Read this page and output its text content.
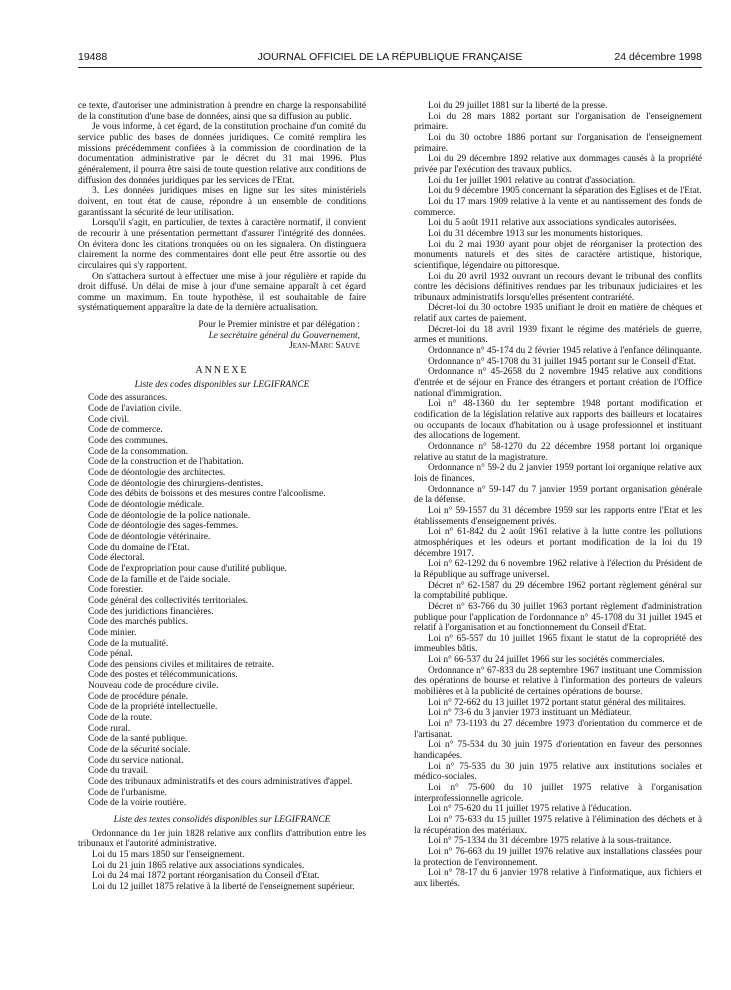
19488	JOURNAL OFFICIEL DE LA RÉPUBLIQUE FRANÇAISE	24 décembre 1998

ce texte, d'autoriser une administration à prendre en charge la responsabilité de la constitution d'une base de données, ainsi que sa diffusion au public.

Je vous informe, à cet égard, de la constitution prochaine d'un comité du service public des bases de données juridiques. Ce comité remplira les missions précédemment confiées à la commission de coordination de la documentation administrative par le décret du 31 mai 1996. Plus généralement, il pourra être saisi de toute question relative aux conditions de diffusion des données juridiques par les services de l'Etat.

3. Les données juridiques mises en ligne sur les sites ministériels doivent, en tout état de cause, répondre à un ensemble de conditions garantissant la sécurité de leur utilisation.

Lorsqu'il s'agit, en particulier, de textes à caractère normatif, il convient de recourir à une présentation permettant d'assurer l'intégrité des données. On évitera donc les citations tronquées ou on les signalera. On distinguera clairement la norme des commentaires dont elle peut être assortie ou des circulaires qui s'y rapportent.

On s'attachera surtout à effectuer une mise à jour régulière et rapide du droit diffusé. Un délai de mise à jour d'une semaine apparaît à cet égard comme un maximum. En toute hypothèse, il est souhaitable de faire systématiquement apparaître la date de la dernière actualisation.

Pour le Premier ministre et par délégation :

Le secrétaire général du Gouvernement,

Jean-Marc Sauvé

ANNEXE

Liste des codes disponibles sur LEGIFRANCE

Code des assurances.

Code de l'aviation civile.

Code civil.

Code de commerce.

Code des communes.

Code de la consommation.

Code de la construction et de l'habitation.

Code de déontologie des architectes.

Code de déontologie des chirurgiens-dentistes.

Code des débits de boissons et des mesures contre l'alcoolisme.

Code de déontologie médicale.

Code de déontologie de la police nationale.

Code de déontologie des sages-femmes.

Code de déontologie vétérinaire.

Code du domaine de l'Etat.

Code électoral.

Code de l'expropriation pour cause d'utilité publique.

Code de la famille et de l'aide sociale.

Code forestier.

Code général des collectivités territoriales.

Code des juridictions financières.

Code des marchés publics.

Code minier.

Code de la mutualité.

Code pénal.

Code des pensions civiles et militaires de retraite.

Code des postes et télécommunications.

Nouveau code de procédure civile.

Code de procédure pénale.

Code de la propriété intellectuelle.

Code de la route.

Code rural.

Code de la santé publique.

Code de la sécurité sociale.

Code du service national.

Code du travail.

Code des tribunaux administratifs et des cours administratives d'appel.

Code de l'urbanisme.

Code de la voirie routière.

Liste des textes consolidés disponibles sur LEGIFRANCE

Ordonnance du 1er juin 1828 relative aux conflits d'attribution entre les tribunaux et l'autorité administrative.

Loi du 15 mars 1850 sur l'enseignement.

Loi du 21 juin 1865 relative aux associations syndicales.

Loi du 24 mai 1872 portant réorganisation du Conseil d'Etat.

Loi du 12 juillet 1875 relative à la liberté de l'enseignement supérieur.

Loi du 29 juillet 1881 sur la liberté de la presse.

Loi du 28 mars 1882 portant sur l'organisation de l'enseignement primaire.

Loi du 30 octobre 1886 portant sur l'organisation de l'enseignement primaire.

Loi du 29 décembre 1892 relative aux dommages causés à la propriété privée par l'exécution des travaux publics.

Loi du 1er juillet 1901 relative au contrat d'association.

Loi du 9 décembre 1905 concernant la séparation des Eglises et de l'Etat.

Loi du 17 mars 1909 relative à la vente et au nantissement des fonds de commerce.

Loi du 5 août 1911 relative aux associations syndicales autorisées.

Loi du 31 décembre 1913 sur les monuments historiques.

Loi du 2 mai 1930 ayant pour objet de réorganiser la protection des monuments naturels et des sites de caractère artistique, historique, scientifique, légendaire ou pittoresque.

Loi du 20 avril 1932 ouvrant un recours devant le tribunal des conflits contre les décisions définitives rendues par les tribunaux judiciaires et les tribunaux administratifs lorsqu'elles présentent contrariété.

Décret-loi du 30 octobre 1935 unifiant le droit en matière de chèques et relatif aux cartes de paiement.

Décret-loi du 18 avril 1939 fixant le régime des matériels de guerre, armes et munitions.

Ordonnance n° 45-174 du 2 février 1945 relative à l'enfance délinquante.

Ordonnance n° 45-1708 du 31 juillet 1945 portant sur le Conseil d'Etat.

Ordonnance n° 45-2658 du 2 novembre 1945 relative aux conditions d'entrée et de séjour en France des étrangers et portant création de l'Office national d'immigration.

Loi n° 48-1360 du 1er septembre 1948 portant modification et codification de la législation relative aux rapports des bailleurs et locataires ou occupants de locaux d'habitation ou à usage professionnel et instituant des allocations de logement.

Ordonnance n° 58-1270 du 22 décembre 1958 portant loi organique relative au statut de la magistrature.

Ordonnance n° 59-2 du 2 janvier 1959 portant loi organique relative aux lois de finances.

Ordonnance n° 59-147 du 7 janvier 1959 portant organisation générale de la défense.

Loi n° 59-1557 du 31 décembre 1959 sur les rapports entre l'Etat et les établissements d'enseignement privés.

Loi n° 61-842 du 2 août 1961 relative à la lutte contre les pollutions atmosphériques et les odeurs et portant modification de la loi du 19 décembre 1917.

Loi n° 62-1292 du 6 novembre 1962 relative à l'élection du Président de la République au suffrage universel.

Décret n° 62-1587 du 29 décembre 1962 portant règlement général sur la comptabilité publique.

Décret n° 63-766 du 30 juillet 1963 portant règlement d'administration publique pour l'application de l'ordonnance n° 45-1708 du 31 juillet 1945 et relatif à l'organisation et au fonctionnement du Conseil d'Etat.

Loi n° 65-557 du 10 juillet 1965 fixant le statut de la copropriété des immeubles bâtis.

Loi n° 66-537 du 24 juillet 1966 sur les sociétés commerciales.

Ordonnance n° 67-833 du 28 septembre 1967 instituant une Commission des opérations de bourse et relative à l'information des porteurs de valeurs mobilières et à la publicité de certaines opérations de bourse.

Loi n° 72-662 du 13 juillet 1972 portant statut général des militaires.

Loi n° 73-6 du 3 janvier 1973 instituant un Médiateur.

Loi n° 73-1193 du 27 décembre 1973 d'orientation du commerce et de l'artisanat.

Loi n° 75-534 du 30 juin 1975 d'orientation en faveur des personnes handicapées.

Loi n° 75-535 du 30 juin 1975 relative aux institutions sociales et médico-sociales.

Loi n° 75-600 du 10 juillet 1975 relative à l'organisation interprofessionnelle agricole.

Loi n° 75-620 du 11 juillet 1975 relative à l'éducation.

Loi n° 75-633 du 15 juillet 1975 relative à l'élimination des déchets et à la récupération des matériaux.

Loi n° 75-1334 du 31 décembre 1975 relative à la sous-traitance.

Loi n° 76-663 du 19 juillet 1976 relative aux installations classées pour la protection de l'environnement.

Loi n° 78-17 du 6 janvier 1978 relative à l'informatique, aux fichiers et aux libertés.
